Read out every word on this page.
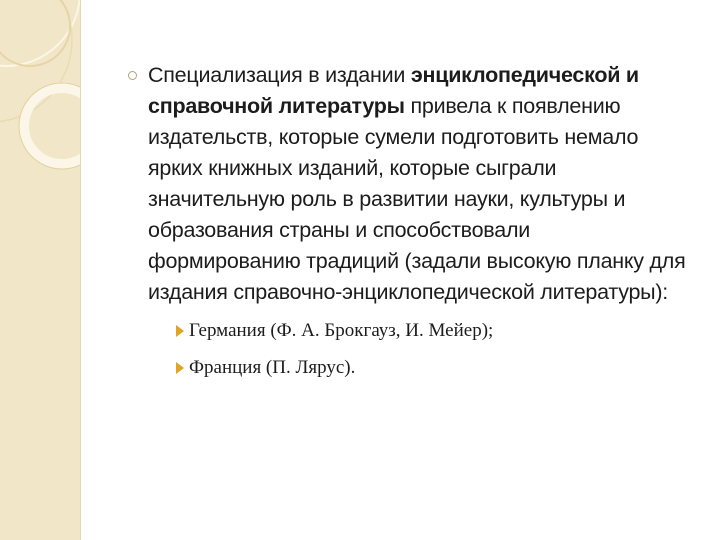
Специализация в издании энциклопедической и справочной литературы привела к появлению издательств, которые сумели подготовить немало ярких книжных изданий, которые сыграли значительную роль в развитии науки, культуры и образования страны и способствовали формированию традиций (задали высокую планку для издания справочно-энциклопедической литературы):
Германия (Ф. А. Брокгауз, И. Мейер);
Франция (П. Лярус).
